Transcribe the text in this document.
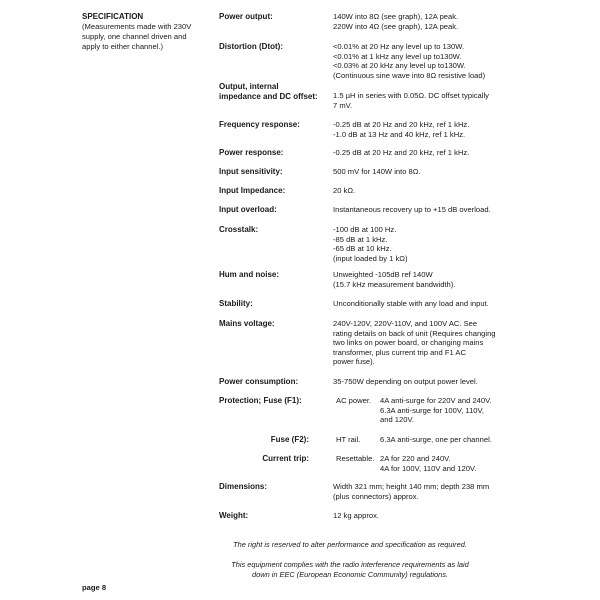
SPECIFICATION
(Measurements made with 230V
supply, one channel driven and
apply to either channel.)
Power output:	140W into 8Ω (see graph), 12A peak.
220W into 4Ω (see graph), 12A peak.
Distortion (Dtot):	<0.01% at 20 Hz any level up to 130W.
<0.01% at 1 kHz any level up to130W.
<0.03% at 20 kHz any level up to130W.
(Continuous sine wave into 8Ω resistive load)
Output, internal
impedance and DC offset:	1.5 µH in series with 0.05Ω. DC offset typically
7 mV.
Frequency response:	-0.25 dB at 20 Hz and 20 kHz, ref 1 kHz.
-1.0 dB at 13 Hz and 40 kHz, ref 1 kHz.
Power response:	-0.25 dB at 20 Hz and 20 kHz, ref 1 kHz.
Input sensitivity:	500 mV for 140W into 8Ω.
Input Impedance:	20 kΩ.
Input overload:	Instantaneous recovery up to +15 dB overload.
Crosstalk:	-100 dB at 100 Hz.
-85 dB at 1 kHz.
-65 dB at 10 kHz.
(input loaded by 1 kΩ)
Hum and noise:	Unweighted -105dB ref 140W
(15.7 kHz measurement bandwidth).
Stability:	Unconditionally stable with any load and input.
Mains voltage:	240V-120V, 220V-110V, and 100V AC. See
rating details on back of unit (Requires changing
two links on power board, or changing mains
transformer, plus current trip and F1 AC
power fuse).
Power consumption:	35-750W depending on output power level.
Protection; Fuse (F1):	AC power. 4A anti-surge for 220V and 240V.
6.3A anti-surge for 100V, 110V,
and 120V.
Fuse (F2):	HT rail.	6.3A anti-surge, one per channel.
Current trip:	Resettable. 2A for 220 and 240V.
4A for 100V, 110V and 120V.
Dimensions:	Width 321 mm; height 140 mm; depth 238 mm
(plus connectors) approx.
Weight:	12 kg approx.
The right is reserved to alter performance and specification as required.
This equipment complies with the radio interference requirements as laid
down in EEC (European Economic Community) regulations.
page 8
